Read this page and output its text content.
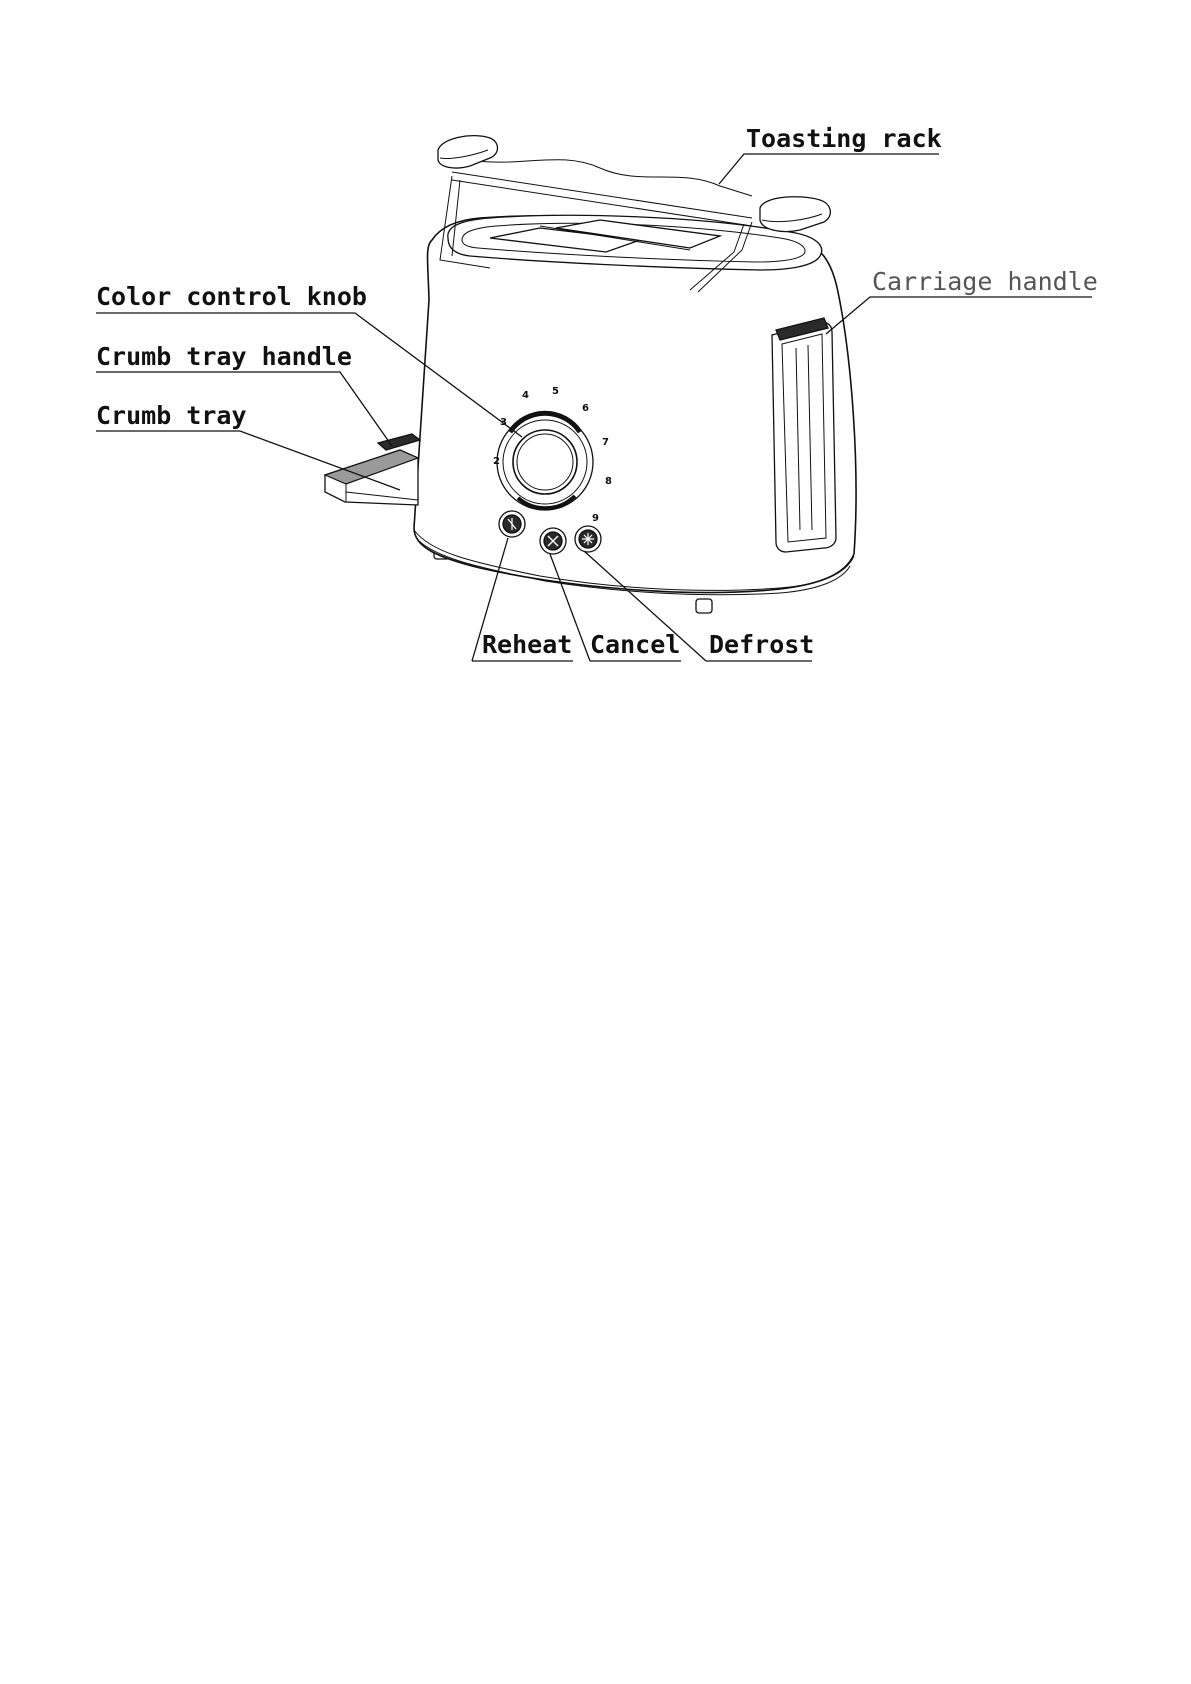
2
3
4 5
6
7
8
9
Toasting rack
Carriage handle
Color control knob
Crumb tray handle
Crumb tray
Reheat Cancel Defrost
